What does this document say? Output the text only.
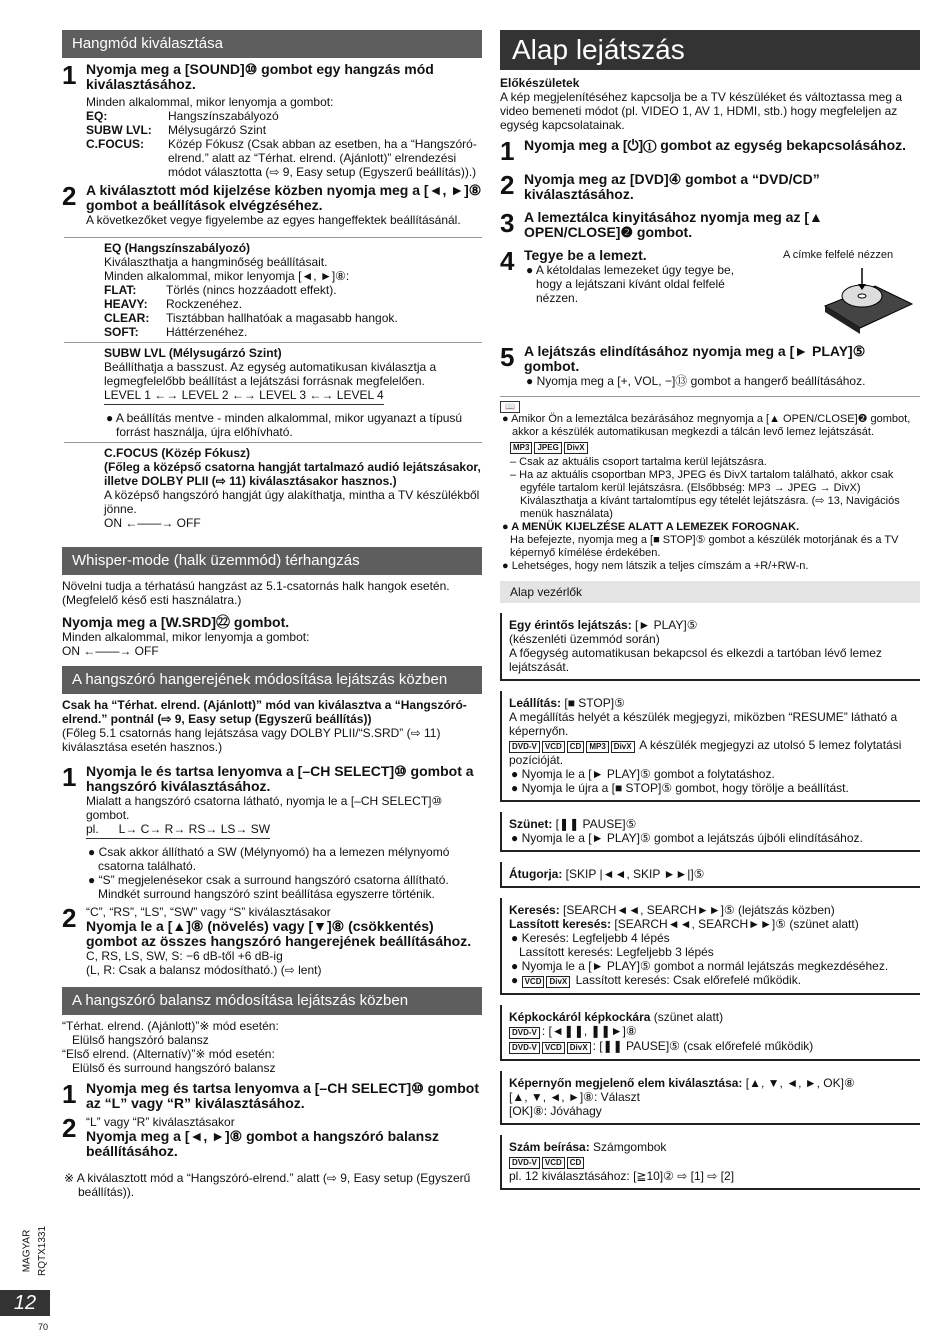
Hangmód kiválasztása
1 Nyomja meg a [SOUND]⑩ gombot egy hangzás mód kiválasztásához.

Minden alkalommal, mikor lenyomja a gombot:

EQ:	Hangszínszabályozó
SUBW LVL:	Mélysugárzó Szint
C.FOCUS:	Közép Fókusz (Csak abban az esetben, ha a “Hangszóró-elrend.” alatt az “Térhat. elrend. (Ajánlott)” elrendezési módot választotta (⇨ 9, Easy setup (Egyszerű beállítás)).)
2 A kiválasztott mód kijelzése közben nyomja meg a [◄, ►]⑧ gombot a beállítások elvégzéséhez.

A következőket vegye figyelembe az egyes hangeffektek beállításánál.

EQ (Hangszínszabályozó)
Kiválaszthatja a hangminőség beállításait.
Minden alkalommal, mikor lenyomja [◄, ►]⑧:
FLAT:	Törlés (nincs hozzáadott effekt).
HEAVY:	Rockzenéhez.
CLEAR:	Tisztábban hallhatóak a magasabb hangok.
SOFT:	Háttérzenéhez.
SUBW LVL (Mélysugárzó Szint)
Beállíthatja a basszust. Az egység automatikusan kiválasztja a legmegfelelőbb beállítást a lejátszási forrásnak megfelelően.
LEVEL 1 ←→ LEVEL 2 ←→ LEVEL 3 ←→ LEVEL 4
● A beállítás mentve - minden alkalommal, mikor ugyanazt a típusú forrást használja, újra előhívható.
C.FOCUS (Közép Fókusz)
(Főleg a középső csatorna hangját tartalmazó audió lejátszásakor, illetve DOLBY PLII (⇨ 11) kiválasztásakor hasznos.)
A középső hangszóró hangját úgy alakíthatja, mintha a TV készülékből jönne.
ON ←——→ OFF
Whisper-mode (halk üzemmód) térhangzás

Növelni tudja a térhatású hangzást az 5.1-csatornás halk hangok esetén. (Megfelelő késő esti használatra.)

Nyomja meg a [W.SRD]㉒ gombot.
Minden alkalommal, mikor lenyomja a gombot:
ON ←——→ OFF
A hangszóró hangerejének módosítása lejátszás közben
Csak ha “Térhat. elrend. (Ajánlott)” mód van kiválasztva a “Hangszóró-elrend.” pontnál (⇨ 9, Easy setup (Egyszerű beállítás))
(Főleg 5.1 csatornás hang lejátszása vagy DOLBY PLII/“S.SRD” (⇨ 11) kiválasztása esetén hasznos.)
1 Nyomja le és tartsa lenyomva a [–CH SELECT]⑩ gombot a hangszóró kiválasztásához.
Mialatt a hangszóró csatorna látható, nyomja le a [–CH SELECT]⑩ gombot.
pl.      L→ C→ R→ RS→ LS→ SW
● Csak akkor állítható a SW (Mélynyomó) ha a lemezen mélynyomó csatorna található.
● “S” megjelenésekor csak a surround hangszóró csatorna állítható. Mindkét surround hangszóró szint beállítása egyszerre történik.
2 “C”, “RS”, “LS”, “SW” vagy “S” kiválasztásakor
Nyomja le a [▲]⑧ (növelés) vagy [▼]⑧ (csökkentés) gombot az összes hangszóró hangerejének beállításához.
C, RS, LS, SW, S: −6 dB-től +6 dB-ig
(L, R: Csak a balansz módosítható.) (⇨ lent)
A hangszóró balansz módosítása lejátszás közben
“Térhat. elrend. (Ajánlott)”※ mód esetén:
Elülső hangszóró balansz
“Első elrend. (Alternatív)”※ mód esetén:
Elülső és surround hangszóró balansz
1 Nyomja meg és tartsa lenyomva a [–CH SELECT]⑩ gombot az “L” vagy “R” kiválasztásához.
2 “L” vagy “R” kiválasztásakor
Nyomja meg a [◄, ►]⑧ gombot a hangszóró balansz beállításához.
※ A kiválasztott mód a “Hangszóró-elrend.” alatt (⇨ 9, Easy setup (Egyszerű beállítás)).
Alap lejátszás
Előkészületek
A kép megjelenítéséhez kapcsolja be a TV készüléket és változtassa meg a video bemeneti módot (pl. VIDEO 1, AV 1, HDMI, stb.) hogy megfeleljen az egység kapcsolatainak.
1 Nyomja meg a [⏻]① gombot az egység bekapcsolásához.
2 Nyomja meg az [DVD]④ gombot a “DVD/CD” kiválasztásához.
3 A lemeztálca kinyitásához nyomja meg az [▲ OPEN/CLOSE]❷ gombot.
4 Tegye be a lemezt.
● A kétoldalas lemezeket úgy tegye be, hogy a lejátszani kívánt oldal felfelé nézzen.
A címke felfelé nézzen
5 A lejátszás elindításához nyomja meg a [► PLAY]⑤ gombot.
● Nyomja meg a [+, VOL, −]⑬ gombot a hangerő beállításához.
📖
● Amikor Ön a lemeztálca bezárásához megnyomja a [▲ OPEN/CLOSE]❷ gombot, akkor a készülék automatikusan megkezdi a tálcán levő lemez lejátszását.
MP3 JPEG DivX
– Csak az aktuális csoport tartalma kerül lejátszásra.
– Ha az aktuális csoportban MP3, JPEG és DivX tartalom található, akkor csak egyféle tartalom kerül lejátszásra. (Elsőbbség: MP3 → JPEG → DivX) Kiválaszthatja a kívánt tartalomtípus egy tételét lejátszásra. (⇨ 13, Navigációs menük használata)
● A MENÜK KIJELZÉSE ALATT A LEMEZEK FOROGNAK.
Ha befejezte, nyomja meg a [■ STOP]⑤ gombot a készülék motorjának és a TV képernyő kímélése érdekében.
● Lehetséges, hogy nem látszik a teljes címszám a +R/+RW-n.
Alap vezérlők
Egy érintős lejátszás: [► PLAY]⑤
(készenléti üzemmód során)
A főegység automatikusan bekapcsol és elkezdi a tartóban lévő lemez lejátszását.
Leállítás: [■ STOP]⑤
A megállítás helyét a készülék megjegyzi, miközben “RESUME” látható a képernyőn.
DVD-V VCD CD MP3 DivX A készülék megjegyzi az utolsó 5 lemez folytatási pozícióját.
● Nyomja le a [► PLAY]⑤ gombot a folytatáshoz.
● Nyomja le újra a [■ STOP]⑤ gombot, hogy törölje a beállítást.
Szünet: [❚❚ PAUSE]⑤
● Nyomja le a [► PLAY]⑤ gombot a lejátszás újbóli elindításához.
Átugorja: [SKIP |◄◄, SKIP ►►|]⑤
Keresés: [SEARCH◄◄, SEARCH►►]⑤ (lejátszás közben)
Lassított keresés: [SEARCH◄◄, SEARCH►►]⑤ (szünet alatt)
● Keresés: Legfeljebb 4 lépés
Lassított keresés: Legfeljebb 3 lépés
● Nyomja le a [► PLAY]⑤ gombot a normál lejátszás megkezdéséhez.
● VCD DivX Lassított keresés: Csak előrefelé működik.
Képkockáról képkockára (szünet alatt)
DVD-V : [◄❚❚, ❚❚►]⑧
DVD-V VCD DivX : [❚❚ PAUSE]⑤ (csak előrefelé működik)
Képernyőn megjelenő elem kiválasztása: [▲, ▼, ◄, ►, OK]⑧
[▲, ▼, ◄, ►]⑧: Választ
[OK]⑧: Jóváhagy
Szám beírása: Számgombok
DVD-V VCD CD
pl. 12 kiválasztásához: [≧10]② ⇨ [1] ⇨ [2]
MAGYAR RQTX1331
12
70
